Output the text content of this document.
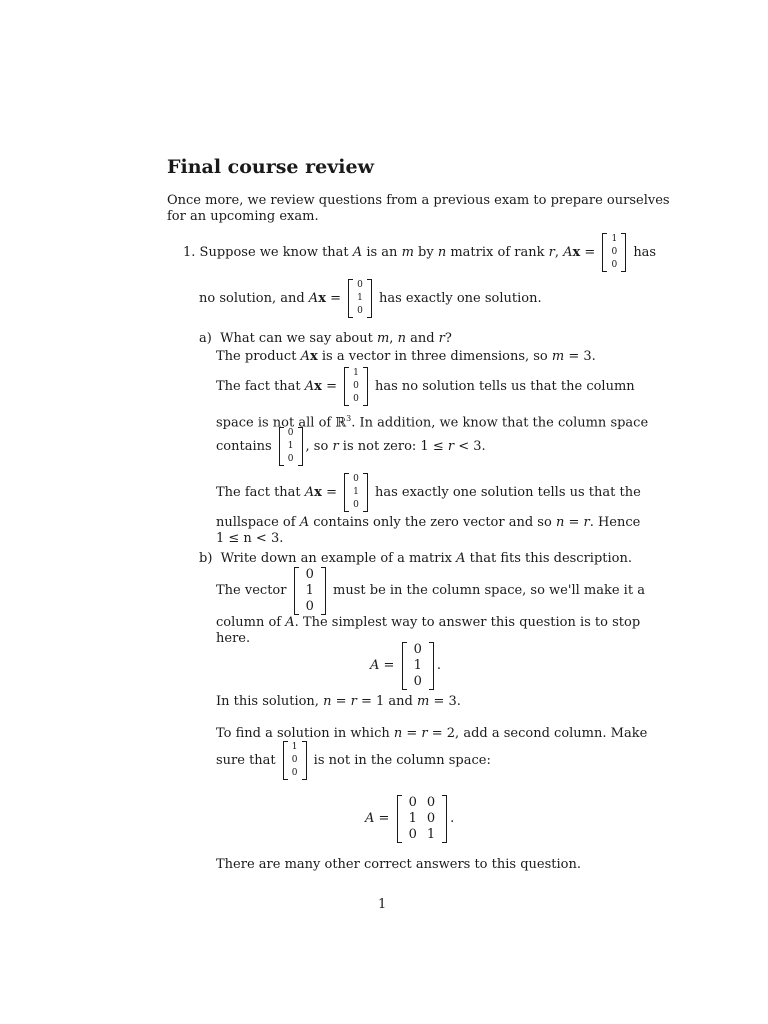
Final course review
Once more, we review questions from a previous exam to prepare ourselves
for an upcoming exam.
1. Suppose we know that A is an m by n matrix of rank r, Ax =
1
0
0
has
no solution, and Ax =
0
1
0
has exactly one solution.
a) What can we say about m, n and r?
The product Ax is a vector in three dimensions, so m = 3.
The fact that Ax =
1
0
0
has no solution tells us that the column
space is not all of ℝ$^3$. In addition, we know that the column space
contains
0
1
0
, so r is not zero: 1 ≤ r < 3.
The fact that Ax =
0
1
0
has exactly one solution tells us that the
nullspace of A contains only the zero vector and so n = r. Hence
1 ≤ n < 3.
b) Write down an example of a matrix A that fits this description.
The vector
0
1
0
must be in the column space, so we'll make it a
column of A. The simplest way to answer this question is to stop
here.
A =
0
1
0
.
In this solution, n = r = 1 and m = 3.
To find a solution in which n = r = 2, add a second column. Make
sure that
1
0
0
is not in the column space:
A =
0	0
1	0
0	1
.
There are many other correct answers to this question.
1
